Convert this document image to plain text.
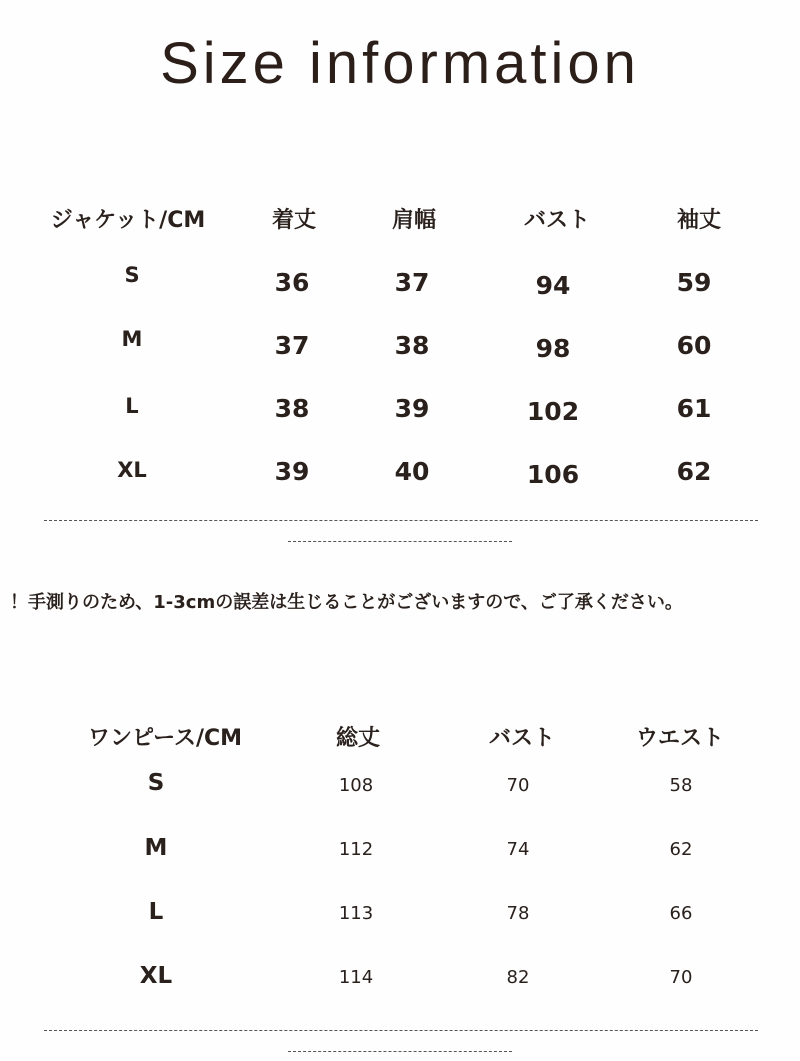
Size information
ジャケット/CM	着丈	肩幅	バスト	袖丈
S	36	37	94	59
M	37	38	98	60
L	38	39	102	61
XL	39	40	106	62
！手測りのため、1-3cmの誤差は生じることがございますので、ご了承ください。
ワンピース/CM	総丈	バスト	ウエスト
S	108	70	58
M	112	74	62
L	113	78	66
XL	114	82	70
